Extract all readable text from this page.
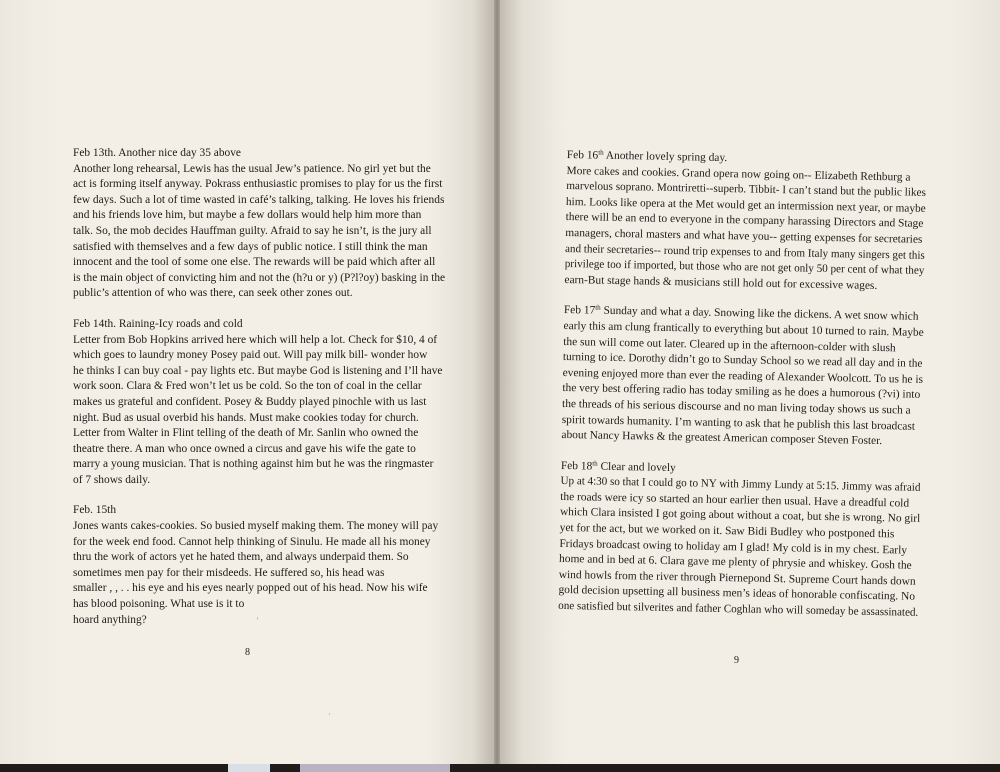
Feb 13th. Another nice day 35 above
Another long rehearsal, Lewis has the usual Jew’s patience. No girl yet but the
act is forming itself anyway. Pokrass enthusiastic promises to play for us the first
few days. Such a lot of time wasted in café’s talking, talking. He loves his friends
and his friends love him, but maybe a few dollars would help him more than
talk. So, the mob decides Hauffman guilty. Afraid to say he isn’t, is the jury all
satisfied with themselves and a few days of public notice. I still think the man
innocent and the tool of some one else. The rewards will be paid which after all
is the main object of convicting him and not the (h?u or y) (P?l?oy) basking in the
public’s attention of who was there, can seek other zones out.
Feb 14th. Raining-Icy roads and cold
Letter from Bob Hopkins arrived here which will help a lot. Check for $10, 4 of
which goes to laundry money Posey paid out. Will pay milk bill- wonder how
he thinks I can buy coal - pay lights etc. But maybe God is listening and I’ll have
work soon. Clara & Fred won’t let us be cold. So the ton of coal in the cellar
makes us grateful and confident. Posey & Buddy played pinochle with us last
night. Bud as usual overbid his hands. Must make cookies today for church.
Letter from Walter in Flint telling of the death of Mr. Sanlin who owned the
theatre there. A man who once owned a circus and gave his wife the gate to
marry a young musician. That is nothing against him but he was the ringmaster
of 7 shows daily.
Feb. 15th
Jones wants cakes-cookies. So busied myself making them. The money will pay
for the week end food. Cannot help thinking of Sinulu. He made all his money
thru the work of actors yet he hated them, and always underpaid them. So
sometimes men pay for their misdeeds. He suffered so, his head was
smaller , , . . his eye and his eyes nearly popped out of his head. Now his wife
has blood poisoning. What use is it to
hoard anything?	'
·
8
Feb 16th Another lovely spring day.
More cakes and cookies. Grand opera now going on-- Elizabeth Rethburg a
marvelous soprano. Montriretti--superb. Tibbit- I can’t stand but the public likes
him. Looks like opera at the Met would get an intermission next year, or maybe
there will be an end to everyone in the company harassing Directors and Stage
managers, choral masters and what have you-- getting expenses for secretaries
and their secretaries-- round trip expenses to and from Italy many singers get this
privilege too if imported, but those who are not get only 50 per cent of what they
earn-But stage hands & musicians still hold out for excessive wages.
Feb 17th Sunday and what a day. Snowing like the dickens. A wet snow which
early this am clung frantically to everything but about 10 turned to rain. Maybe
the sun will come out later. Cleared up in the afternoon-colder with slush
turning to ice. Dorothy didn’t go to Sunday School so we read all day and in the
evening enjoyed more than ever the reading of Alexander Woolcott. To us he is
the very best offering radio has today smiling as he does a humorous (?vi) into
the threads of his serious discourse and no man living today shows us such a
spirit towards humanity. I’m wanting to ask that he publish this last broadcast
about Nancy Hawks & the greatest American composer Steven Foster.
Feb 18th Clear and lovely
Up at 4:30 so that I could go to NY with Jimmy Lundy at 5:15. Jimmy was afraid
the roads were icy so started an hour earlier then usual. Have a dreadful cold
which Clara insisted I got going about without a coat, but she is wrong. No girl
yet for the act, but we worked on it. Saw Bidi Budley who postponed this
Fridays broadcast owing to holiday am I glad! My cold is in my chest. Early
home and in bed at 6. Clara gave me plenty of phrysie and whiskey. Gosh the
wind howls from the river through Piernepond St. Supreme Court hands down
gold decision upsetting all business men’s ideas of honorable confiscating. No
one satisfied but silverites and father Coghlan who will someday be assassinated.
9
